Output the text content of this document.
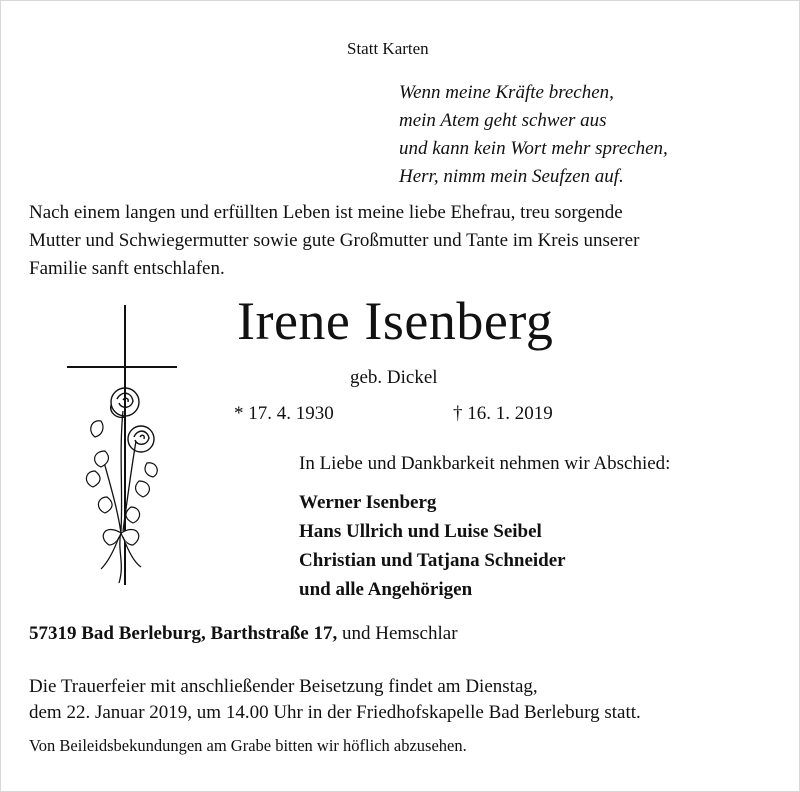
Statt Karten
Wenn meine Kräfte brechen,
mein Atem geht schwer aus
und kann kein Wort mehr sprechen,
Herr, nimm mein Seufzen auf.
Nach einem langen und erfüllten Leben ist meine liebe Ehefrau, treu sorgende
Mutter und Schwiegermutter sowie gute Großmutter und Tante im Kreis unserer
Familie sanft entschlafen.
Irene Isenberg
geb. Dickel
* 17. 4. 1930	† 16. 1. 2019
In Liebe und Dankbarkeit nehmen wir Abschied:
Werner Isenberg
Hans Ullrich und Luise Seibel
Christian und Tatjana Schneider
und alle Angehörigen
57319 Bad Berleburg, Barthstraße 17, und Hemschlar
Die Trauerfeier mit anschließender Beisetzung findet am Dienstag,
dem 22. Januar 2019, um 14.00 Uhr in der Friedhofskapelle Bad Berleburg statt.
Von Beileidsbekundungen am Grabe bitten wir höflich abzusehen.
